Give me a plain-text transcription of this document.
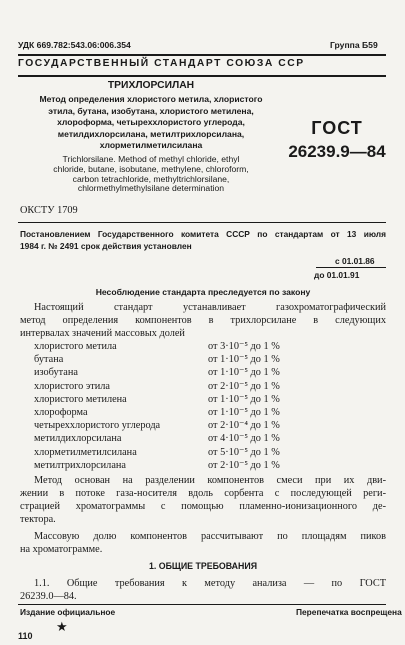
УДК 669.782:543.06:006.354	Группа Б59
ГОСУДАРСТВЕННЫЙ СТАНДАРТ СОЮЗА ССР
ТРИХЛОРСИЛАН
Метод определения хлористого метила, хлористого
этила, бутана, изобутана, хлористого метилена,
хлороформа, четыреххлористого углерода,
метилдихлорсилана, метилтрихлорсилана,
хлорметилметилсилана
Trichlorsilane. Method of methyl chloride, ethyl
chloride, butane, isobutane, methylene, chloroform,
carbon tetrachloride, methyltrichlorsilane,
chlormethylmethylsilane determination
ГОСТ
26239.9—84
ОКСТУ 1709
Постановлением Государственного комитета СССР по стандартам от 13 июля
1984 г. № 2491 срок действия установлен
с 01.01.86
до 01.01.91
Несоблюдение стандарта преследуется по закону
Настоящий стандарт устанавливает газохроматографический
метод определения компонентов в трихлорсилане в следующих
интервалах значений массовых долей
хлористого метила	от 3·10⁻⁵ до 1 %
бутана	от 1·10⁻⁵ до 1 %
изобутана	от 1·10⁻⁵ до 1 %
хлористого этила	от 2·10⁻⁵ до 1 %
хлористого метилена	от 1·10⁻⁵ до 1 %
хлороформа	от 1·10⁻⁵ до 1 %
четыреххлористого углерода	от 2·10⁻⁴ до 1 %
метилдихлорсилана	от 4·10⁻⁵ до 1 %
хлорметилметилсилана	от 5·10⁻⁵ до 1 %
метилтрихлорсилана	от 2·10⁻⁵ до 1 %
Метод основан на разделении компонентов смеси при их дви-
жении в потоке газа-носителя вдоль сорбента с последующей реги-
страцией хроматограммы с помощью пламенно-ионизационного де-
тектора.
Массовую долю компонентов рассчитывают по площадям пиков
на хроматограмме.
1. ОБЩИЕ ТРЕБОВАНИЯ
1.1. Общие требования к методу анализа — по ГОСТ
26239.0—84.
Издание официальное	Перепечатка воспрещена
★
110
